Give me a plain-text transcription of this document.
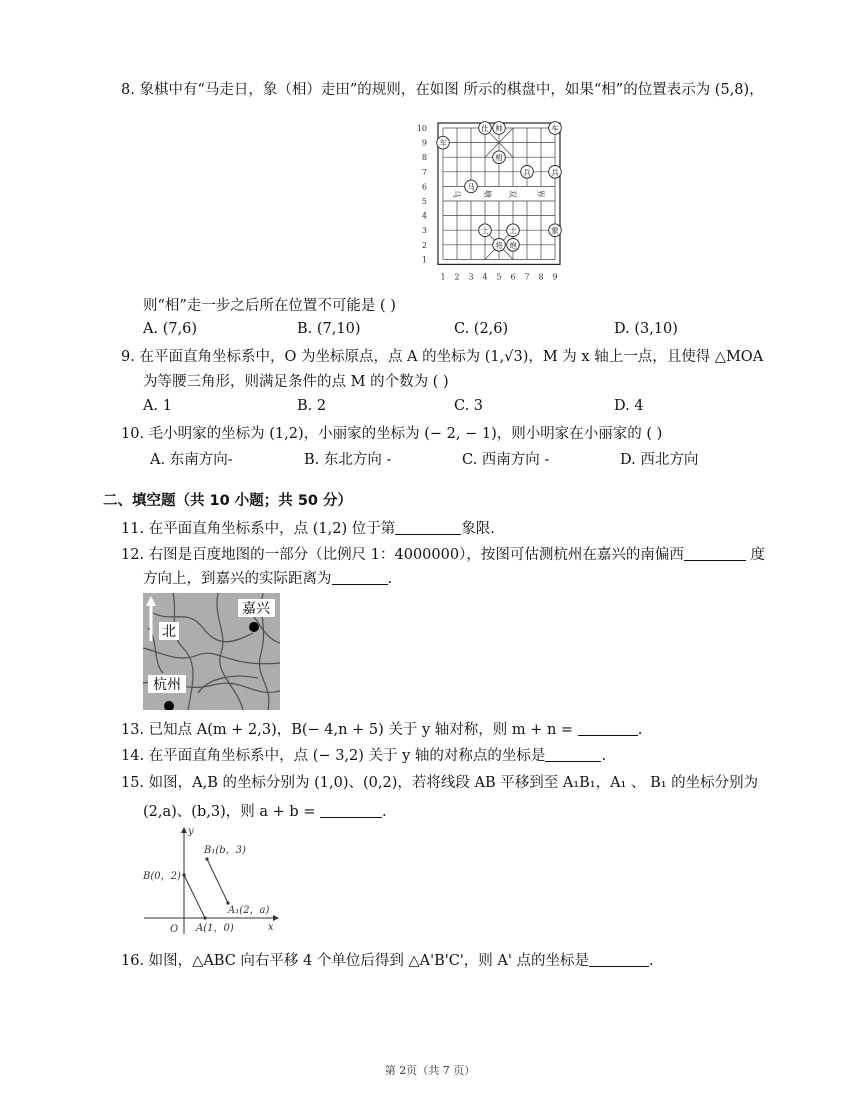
8. 象棋中有“马走日，象（相）走田”的规则，在如图 所示的棋盘中，如果“相”的位置表示为 (5,8)，
马	塘 双 界
10
9
8
7
6
5
4
3
2
1
1 2 3 4 5 6 7 8 9
车
帅
仕	车
相
兵	兵
马
士	士	象
将 炮
则“相”走一步之后所在位置不可能是 ( )
A. (7,6)	B. (7,10)	C. (2,6)	D. (3,10)
9. 在平面直角坐标系中，O 为坐标原点，点 A 的坐标为 (1,√3)，M 为 x 轴上一点，且使得 △MOA
为等腰三角形，则满足条件的点 M 的个数为 ( )
A. 1	B. 2	C. 3	D. 4
10. 毛小明家的坐标为 (1,2)，小丽家的坐标为 (− 2, − 1)，则小明家在小丽家的 ( )
A. 东南方向-	B. 东北方向 -	C. 西南方向 -	D. 西北方向
二、填空题（共 10 小题；共 50 分）
11. 在平面直角坐标系中，点 (1,2) 位于第	象限.
12. 右图是百度地图的一部分（比例尺 1：4000000），按图可估测杭州在嘉兴的南偏西	度
方向上，到嘉兴的实际距离为	.
北
嘉兴
杭州
13. 已知点 A(m + 2,3)，B(− 4,n + 5) 关于 y 轴对称，则 m + n =	.
14. 在平面直角坐标系中，点 (− 3,2) 关于 y 轴的对称点的坐标是	.
15. 如图，A,B 的坐标分别为 (1,0)、(0,2)，若将线段 AB 平移到至 A₁B₁，A₁ 、 B₁ 的坐标分别为
(2,a)、(b,3)，则 a + b =	.
y
x
O
B(0，2)
A(1，0)
B₁(b，3)
A₁(2，a)
16. 如图，△ABC 向右平移 4 个单位后得到 △A'B'C'，则 A' 点的坐标是	.
第 2页（共 7 页）
